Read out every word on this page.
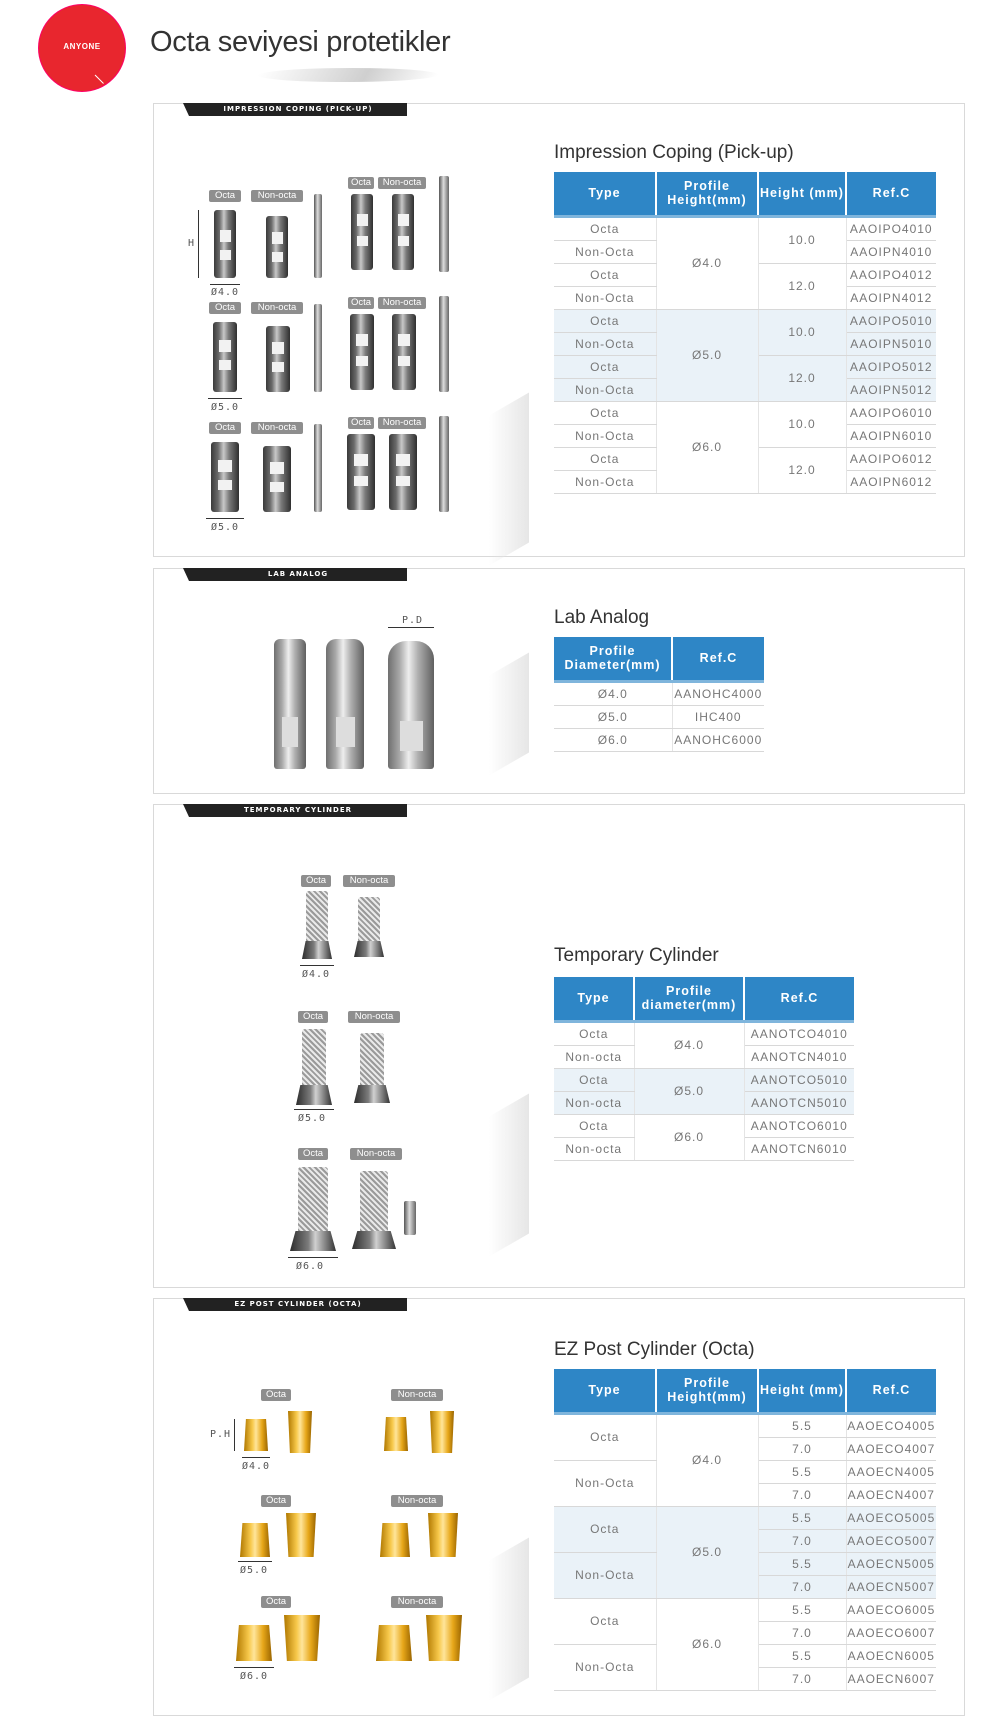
ANYONE	Octa seviyesi protetikler
IMPRESSION COPING (PICK-UP)
Impression Coping (Pick-up)
Octa	Non-octa
H
Ø4.0
Octa	Non-octa
Octa	Non-octa
Ø5.0
Octa	Non-octa
Octa	Non-octa
Ø5.0
Octa	Non-octa
Type	Profile Height(mm)	Height (mm)	Ref.C
Octa	Ø4.0	10.0	AAOIPO4010
Non-Octa			AAOIPN4010
Octa		12.0	AAOIPO4012
Non-Octa			AAOIPN4012
Octa	Ø5.0	10.0	AAOIPO5010
Non-Octa			AAOIPN5010
Octa		12.0	AAOIPO5012
Non-Octa			AAOIPN5012
Octa	Ø6.0	10.0	AAOIPO6010
Non-Octa			AAOIPN6010
Octa		12.0	AAOIPO6012
Non-Octa			AAOIPN6012
LAB ANALOG
Lab Analog
P.D
Profile Diameter(mm)	Ref.C
Ø4.0	AANOHC4000
Ø5.0	IHC400
Ø6.0	AANOHC6000
TEMPORARY CYLINDER
Temporary Cylinder
Octa	Non-octa
Ø4.0
Octa	Non-octa
Ø5.0
Octa	Non-octa
Ø6.0
Type	Profile diameter(mm)	Ref.C
Octa	Ø4.0	AANOTCO4010
Non-octa		AANOTCN4010
Octa	Ø5.0	AANOTCO5010
Non-octa		AANOTCN5010
Octa	Ø6.0	AANOTCO6010
Non-octa		AANOTCN6010
EZ POST CYLINDER (OCTA)
EZ Post Cylinder (Octa)
Octa	Non-octa
P.H
Ø4.0
Octa	Non-octa
Ø5.0
Octa	Non-octa
Ø6.0
Type	Profile Height(mm)	Height (mm)	Ref.C
Octa	Ø4.0	5.5	AAOECO4005
		7.0	AAOECO4007
Non-Octa		5.5	AAOECN4005
		7.0	AAOECN4007
Octa	Ø5.0	5.5	AAOECO5005
		7.0	AAOECO5007
Non-Octa		5.5	AAOECN5005
		7.0	AAOECN5007
Octa	Ø6.0	5.5	AAOECO6005
		7.0	AAOECO6007
Non-Octa		5.5	AAOECN6005
		7.0	AAOECN6007
